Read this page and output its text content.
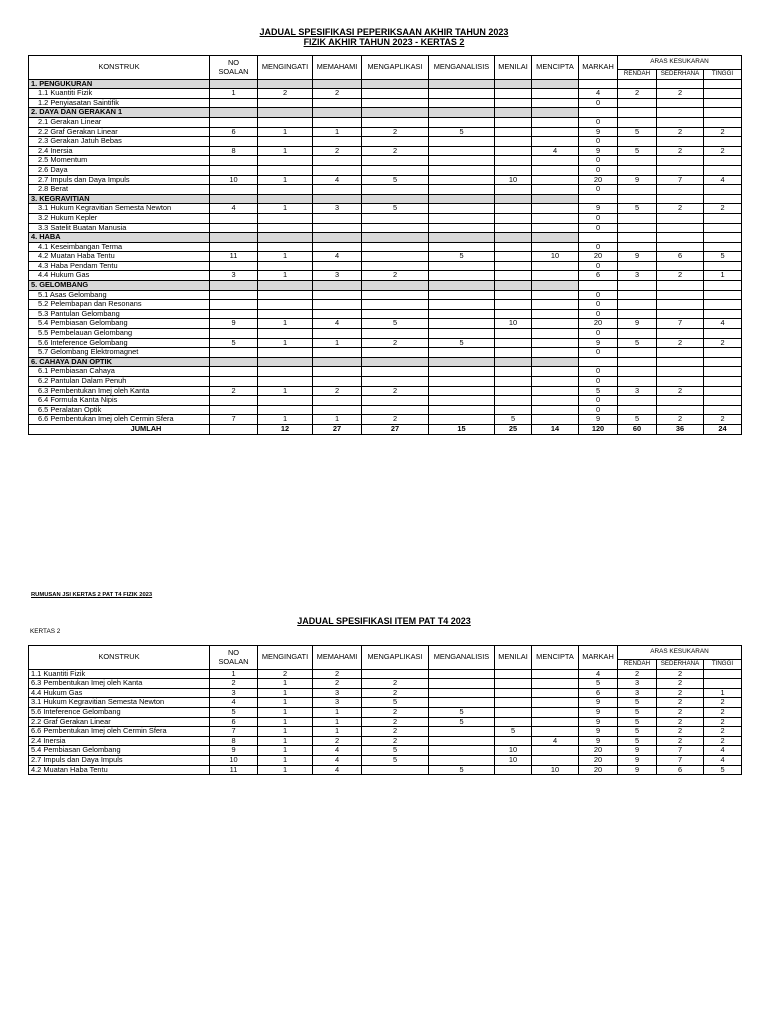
JADUAL SPESIFIKASI PEPERIKSAAN AKHIR TAHUN 2023
FIZIK AKHIR TAHUN 2023 - KERTAS 2
KONSTRUK	NO SOALAN	MENGINGATI	MEMAHAMI	MENGAPLIKASI	MENGANALISIS	MENILAI	MENCIPTA	MARKAH	ARAS KESUKARAN		
									RENDAH	SEDERHANA	TINGGI
1. PENGUKURAN											
1.1 Kuantiti Fizik	1	2	2					4	2	2	
1.2 Penyiasatan Saintifik								0			
2. DAYA DAN GERAKAN 1											
2.1 Gerakan Linear								0			
2.2 Graf Gerakan Linear	6	1	1	2	5			9	5	2	2
2.3 Gerakan Jatuh Bebas								0			
2.4 Inersia	8	1	2	2			4	9	5	2	2
2.5 Momentum								0			
2.6 Daya								0			
2.7 Impuls dan Daya Impuls	10	1	4	5		10		20	9	7	4
2.8 Berat								0			
3. KEGRAVITIAN											
3.1 Hukum Kegravitian Semesta Newton	4	1	3	5				9	5	2	2
3.2 Hukum Kepler								0			
3.3 Satelit Buatan Manusia								0			
4. HABA											
4.1 Keseimbangan Terma								0			
4.2 Muatan Haba Tentu	11	1	4		5		10	20	9	6	5
4.3 Haba Pendam Tentu								0			
4.4 Hukum Gas	3	1	3	2				6	3	2	1
5. GELOMBANG											
5.1 Asas Gelombang								0			
5.2 Pelembapan dan Resonans								0			
5.3 Pantulan Gelombang								0			
5.4 Pembiasan Gelombang	9	1	4	5		10		20	9	7	4
5.5 Pembelauan Gelombang								0			
5.6 Inteference Gelombang	5	1	1	2	5			9	5	2	2
5.7 Gelombang Elektromagnet								0			
6. CAHAYA DAN OPTIK											
6.1 Pembiasan Cahaya								0			
6.2 Pantulan Dalam Penuh								0			
6.3 Pembentukan Imej oleh Kanta	2	1	2	2				5	3	2	
6.4 Formula Kanta Nipis								0			
6.5 Peralatan Optik								0			
6.6 Pembentukan Imej oleh Cermin Sfera	7	1	1	2		5		9	5	2	2
JUMLAH		12	27	27	15	25	14	120	60	36	24
RUMUSAN JSI KERTAS 2 PAT T4 FIZIK 2023
JADUAL SPESIFIKASI ITEM PAT T4 2023
KERTAS 2
KONSTRUK	NO SOALAN	MENGINGATI	MEMAHAMI	MENGAPLIKASI	MENGANALISIS	MENILAI	MENCIPTA	MARKAH	ARAS KESUKARAN		
									RENDAH	SEDERHANA	TINGGI
1.1 Kuantiti Fizik	1	2	2					4	2	2	
6.3 Pembentukan Imej oleh Kanta	2	1	2	2				5	3	2	
4.4 Hukum Gas	3	1	3	2				6	3	2	1
3.1 Hukum Kegravitian Semesta Newton	4	1	3	5				9	5	2	2
5.6 Inteference Gelombang	5	1	1	2	5			9	5	2	2
2.2 Graf Gerakan Linear	6	1	1	2	5			9	5	2	2
6.6 Pembentukan Imej oleh Cermin Sfera	7	1	1	2		5		9	5	2	2
2.4 Inersia	8	1	2	2			4	9	5	2	2
5.4 Pembiasan Gelombang	9	1	4	5		10		20	9	7	4
2.7 Impuls dan Daya Impuls	10	1	4	5		10		20	9	7	4
4.2 Muatan Haba Tentu	11	1	4		5		10	20	9	6	5
